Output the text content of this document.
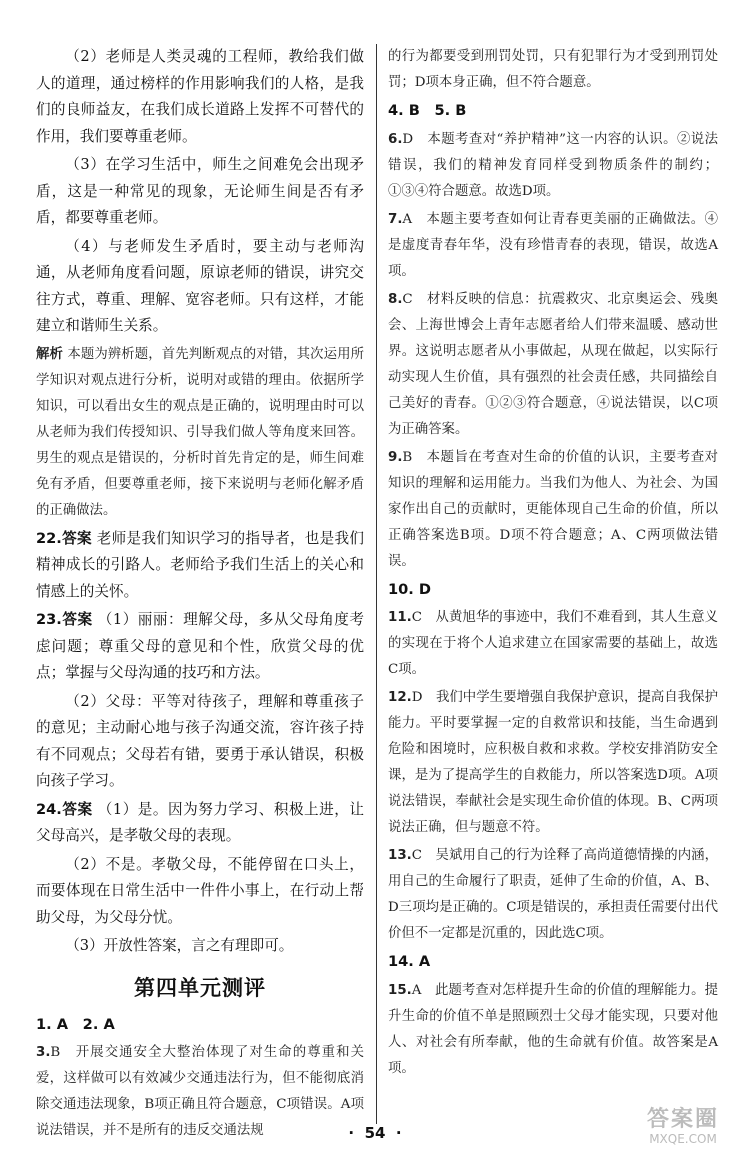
（2）老师是人类灵魂的工程师，教给我们做人的道理，通过榜样的作用影响我们的人格，是我们的良师益友，在我们成长道路上发挥不可替代的作用，我们要尊重老师。

（3）在学习生活中，师生之间难免会出现矛盾，这是一种常见的现象，无论师生间是否有矛盾，都要尊重老师。

（4）与老师发生矛盾时，要主动与老师沟通，从老师角度看问题，原谅老师的错误，讲究交往方式，尊重、理解、宽容老师。只有这样，才能建立和谐师生关系。

解析 本题为辨析题，首先判断观点的对错，其次运用所学知识对观点进行分析，说明对或错的理由。依据所学知识，可以看出女生的观点是正确的，说明理由时可以从老师为我们传授知识、引导我们做人等角度来回答。男生的观点是错误的，分析时首先肯定的是，师生间难免有矛盾，但要尊重老师，接下来说明与老师化解矛盾的正确做法。

22.答案 老师是我们知识学习的指导者，也是我们精神成长的引路人。老师给予我们生活上的关心和情感上的关怀。

23.答案 （1）丽丽：理解父母，多从父母角度考虑问题；尊重父母的意见和个性，欣赏父母的优点；掌握与父母沟通的技巧和方法。

（2）父母：平等对待孩子，理解和尊重孩子的意见；主动耐心地与孩子沟通交流，容许孩子持有不同观点；父母若有错，要勇于承认错误，积极向孩子学习。

24.答案 （1）是。因为努力学习、积极上进，让父母高兴，是孝敬父母的表现。

（2）不是。孝敬父母，不能停留在口头上，而要体现在日常生活中一件件小事上，在行动上帮助父母，为父母分忧。

（3）开放性答案，言之有理即可。

第四单元测评

1. A　2. A

3.B　开展交通安全大整治体现了对生命的尊重和关爱，这样做可以有效减少交通违法行为，但不能彻底消除交通违法现象，B项正确且符合题意，C项错误。A项说法错误，并不是所有的违反交通法规

的行为都要受到刑罚处罚，只有犯罪行为才受到刑罚处罚；D项本身正确，但不符合题意。

4. B　5. B

6.D　本题考查对“养护精神”这一内容的认识。②说法错误，我们的精神发育同样受到物质条件的制约；①③④符合题意。故选D项。

7.A　本题主要考查如何让青春更美丽的正确做法。④是虚度青春年华，没有珍惜青春的表现，错误，故选A项。

8.C　材料反映的信息：抗震救灾、北京奥运会、残奥会、上海世博会上青年志愿者给人们带来温暖、感动世界。这说明志愿者从小事做起，从现在做起，以实际行动实现人生价值，具有强烈的社会责任感，共同描绘自己美好的青春。①②③符合题意，④说法错误，以C项为正确答案。

9.B　本题旨在考查对生命的价值的认识，主要考查对知识的理解和运用能力。当我们为他人、为社会、为国家作出自己的贡献时，更能体现自己生命的价值，所以正确答案选B项。D项不符合题意；A、C两项做法错误。

10. D

11.C　从黄旭华的事迹中，我们不难看到，其人生意义的实现在于将个人追求建立在国家需要的基础上，故选C项。

12.D　我们中学生要增强自我保护意识，提高自我保护能力。平时要掌握一定的自救常识和技能，当生命遇到危险和困境时，应积极自救和求救。学校安排消防安全课，是为了提高学生的自救能力，所以答案选D项。A项说法错误，奉献社会是实现生命价值的体现。B、C两项说法正确，但与题意不符。

13.C　吴斌用自己的行为诠释了高尚道德情操的内涵，用自己的生命履行了职责，延伸了生命的价值，A、B、D三项均是正确的。C项是错误的，承担责任需要付出代价但不一定都是沉重的，因此选C项。

14. A

15.A　此题考查对怎样提升生命的价值的理解能力。提升生命的价值不单是照顾烈士父母才能实现，只要对他人、对社会有所奉献，他的生命就有价值。故答案是A项。

·  54  ·
答案圈
MXQE.COM
